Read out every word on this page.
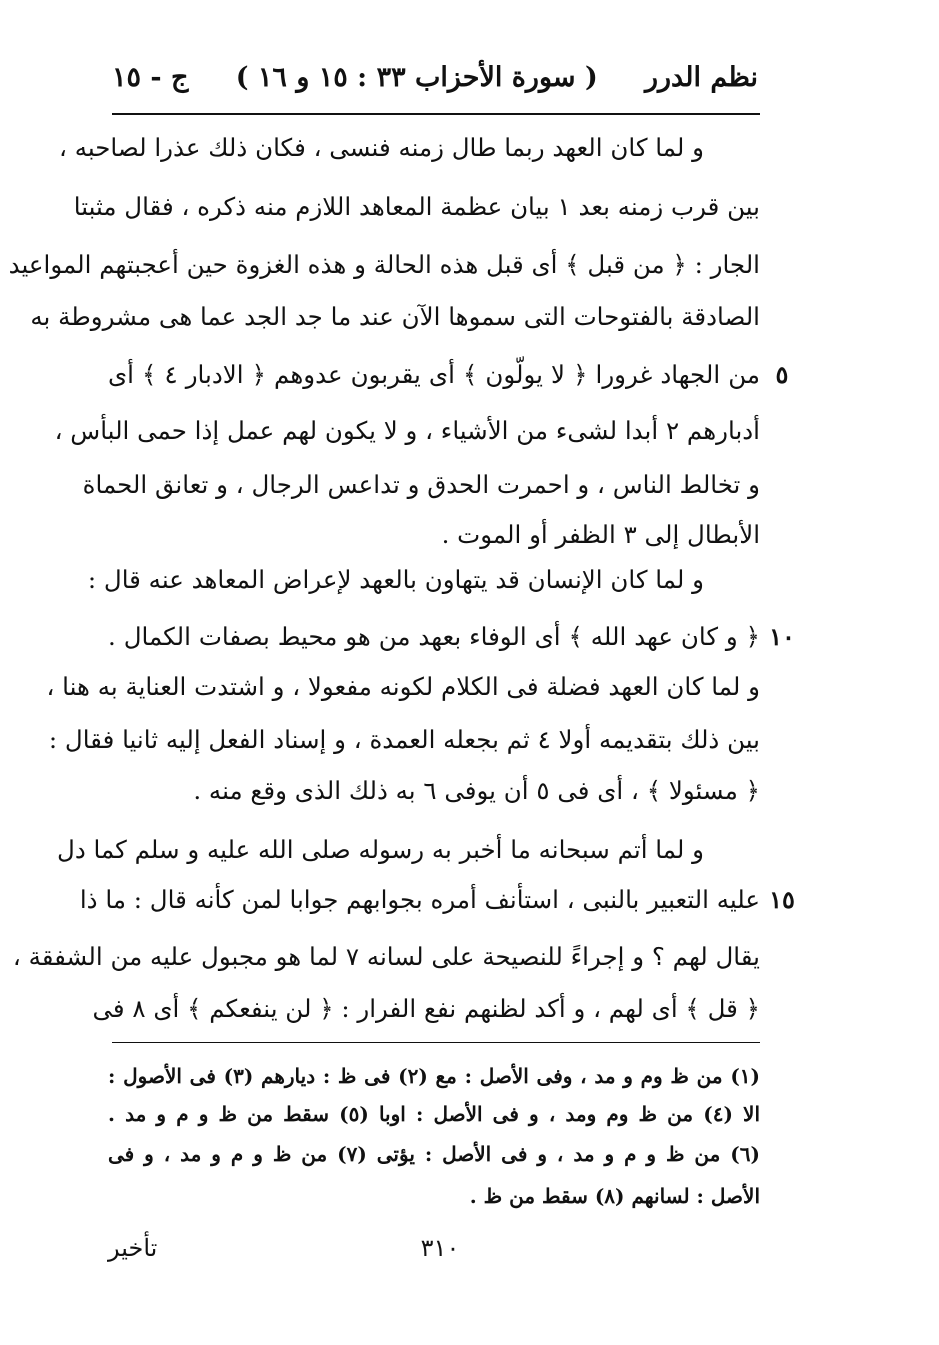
نظم الدرر
( سورة الأحزاب ٣٣ : ١٥ و ١٦ )
ج - ١٥
و لما كان العهد ربما طال زمنه فنسى ، فكان ذلك عذرا لصاحبه ،
بين قرب زمنه بعد ١ بيان عظمة المعاهد اللازم منه ذكره ، فقال مثبتا
الجار : ﴿ من قبل ﴾ أى قبل هذه الحالة و هذه الغزوة حين أعجبتهم المواعيد
الصادقة بالفتوحات التى سموها الآن عند ما جد الجد عما هى مشروطة به
٥
من الجهاد غرورا ﴿ لا يولّون ﴾ أى يقربون عدوهم ﴿ الادبار ٤ ﴾ أى
أدبارهم ٢ أبدا لشىء من الأشياء ، و لا يكون لهم عمل إذا حمى البأس ،
و تخالط الناس ، و احمرت الحدق و تداعس الرجال ، و تعانق الحماة
الأبطال إلى ٣ الظفر أو الموت .
و لما كان الإنسان قد يتهاون بالعهد لإعراض المعاهد عنه قال :
١٠
﴿ و كان عهد الله ﴾ أى الوفاء بعهد من هو محيط بصفات الكمال .
و لما كان العهد فضلة فى الكلام لكونه مفعولا ، و اشتدت العناية به هنا ،
بين ذلك بتقديمه أولا ٤ ثم بجعله العمدة ، و إسناد الفعل إليه ثانيا فقال :
﴿ مسئولا ﴾ ، أى فى ٥ أن يوفى ٦ به ذلك الذى وقع منه .
و لما أتم سبحانه ما أخبر به رسوله صلى الله عليه و سلم كما دل
١٥
عليه التعبير بالنبى ، استأنف أمره بجوابهم جوابا لمن كأنه قال : ما ذا
يقال لهم ؟ و إجراءً للنصيحة على لسانه ٧ لما هو مجبول عليه من الشفقة ،
﴿ قل ﴾ أى لهم ، و أكد لظنهم نفع الفرار : ﴿ لن ينفعكم ﴾ أى ٨ فى
(١) من ظ وم و مد ، وفى الأصل : مع (٢) فى ظ : ديارهم (٣) فى الأصول :
الا (٤) من ظ وم ومد ، و فى الأصل : اوبا (٥) سقط من ظ و م و مد .
(٦) من ظ و م و مد ، و فى الأصل : يؤتى (٧) من ظ و م و مد ، و فى
الأصل : لسانهم (٨) سقط من ظ .
٣١٠
تأخير
